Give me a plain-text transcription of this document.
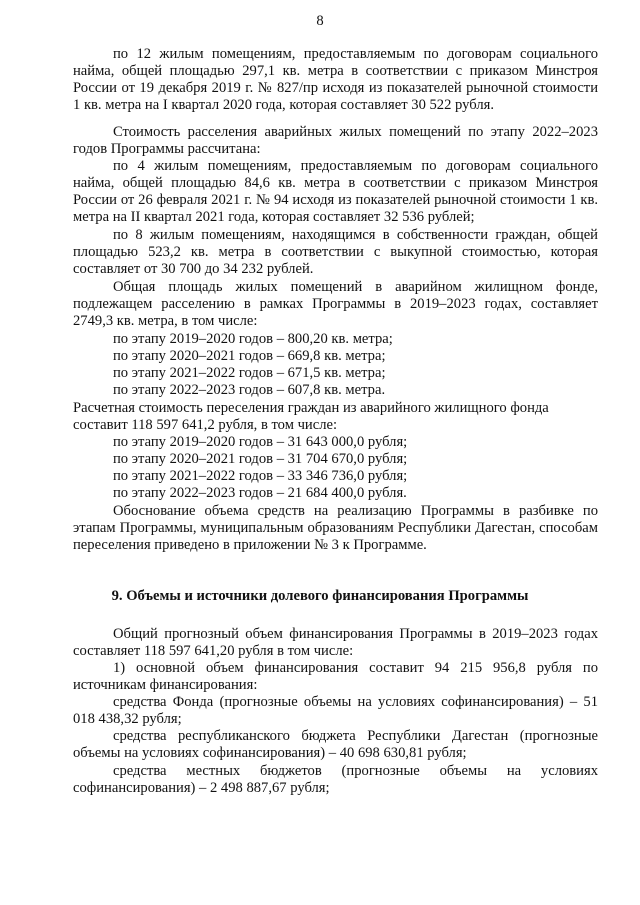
8

по 12 жилым помещениям, предоставляемым по договорам социального найма, общей площадью 297,1 кв. метра в соответствии с приказом Минстроя России от 19 декабря 2019 г. № 827/пр исходя из показателей рыночной стоимости 1 кв. метра на I квартал 2020 года, которая составляет 30 522 рубля.

Стоимость расселения аварийных жилых помещений по этапу 2022–2023 годов Программы рассчитана:

по 4 жилым помещениям, предоставляемым по договорам социального найма, общей площадью 84,6 кв. метра в соответствии с приказом Минстроя России от 26 февраля 2021 г. № 94 исходя из показателей рыночной стоимости 1 кв. метра на II квартал 2021 года, которая составляет 32 536 рублей;

по 8 жилым помещениям, находящимся в собственности граждан, общей площадью 523,2 кв. метра в соответствии с выкупной стоимостью, которая составляет от 30 700 до 34 232 рублей.

Общая площадь жилых помещений в аварийном жилищном фонде, подлежащем расселению в рамках Программы в 2019–2023 годах, составляет 2749,3 кв. метра, в том числе:

по этапу 2019–2020 годов – 800,20 кв. метра;

по этапу 2020–2021 годов – 669,8 кв. метра;

по этапу 2021–2022 годов – 671,5 кв. метра;

по этапу 2022–2023 годов – 607,8 кв. метра.

Расчетная стоимость переселения граждан из аварийного жилищного фонда

составит 118 597 641,2 рубля, в том числе:

по этапу 2019–2020 годов – 31 643 000,0 рубля;

по этапу 2020–2021 годов – 31 704 670,0 рубля;

по этапу 2021–2022 годов – 33 346 736,0 рубля;

по этапу 2022–2023 годов – 21 684 400,0 рубля.

Обоснование объема средств на реализацию Программы в разбивке по этапам Программы, муниципальным образованиям Республики Дагестан, способам переселения приведено в приложении № 3 к Программе.

9. Объемы и источники долевого финансирования Программы

Общий прогнозный объем финансирования Программы в 2019–2023 годах составляет 118 597 641,20 рубля в том числе:

1) основной объем финансирования составит 94 215 956,8 рубля по источникам финансирования:

средства Фонда (прогнозные объемы на условиях софинансирования) – 51 018 438,32 рубля;

средства республиканского бюджета Республики Дагестан (прогнозные объемы на условиях софинансирования) – 40 698 630,81 рубля;

средства местных бюджетов (прогнозные объемы на условиях софинансирования) – 2 498 887,67 рубля;
